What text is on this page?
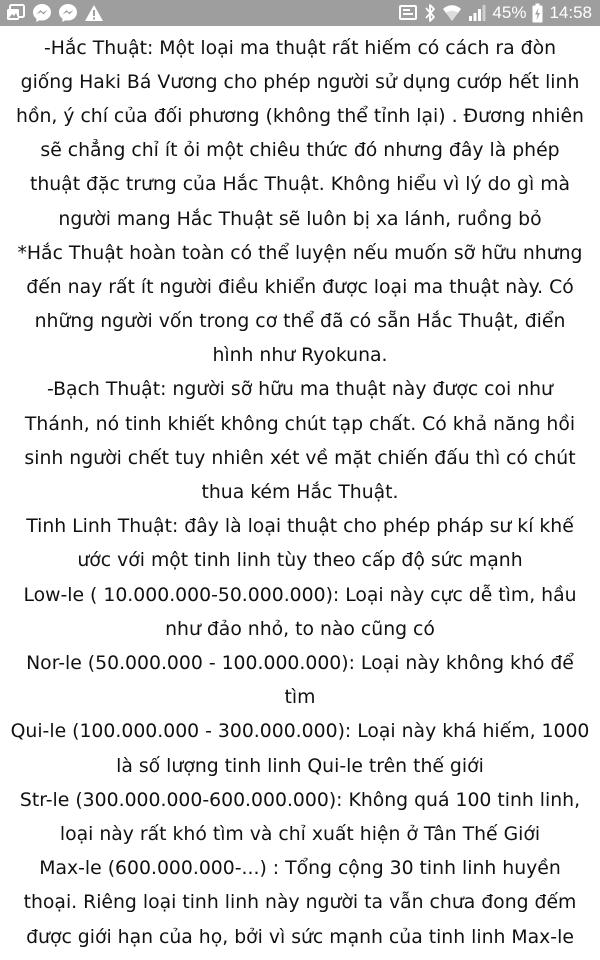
45% 14:58
-Hắc Thuật: Một loại ma thuật rất hiếm có cách ra đòn
giống Haki Bá Vương cho phép người sử dụng cướp hết linh
hồn, ý chí của đối phương (không thể tỉnh lại) . Đương nhiên
sẽ chẳng chỉ ít ỏi một chiêu thức đó nhưng đây là phép
thuật đặc trưng của Hắc Thuật. Không hiểu vì lý do gì mà
người mang Hắc Thuật sẽ luôn bị xa lánh, ruồng bỏ
*Hắc Thuật hoàn toàn có thể luyện nếu muốn sỡ hữu nhưng
đến nay rất ít người điều khiển được loại ma thuật này. Có
những người vốn trong cơ thể đã có sẵn Hắc Thuật, điển
hình như Ryokuna.
-Bạch Thuật: người sỡ hữu ma thuật này được coi như
Thánh, nó tinh khiết không chút tạp chất. Có khả năng hồi
sinh người chết tuy nhiên xét về mặt chiến đấu thì có chút
thua kém Hắc Thuật.
Tinh Linh Thuật: đây là loại thuật cho phép pháp sư kí khế
ước với một tinh linh tùy theo cấp độ sức mạnh
Low-le ( 10.000.000-50.000.000): Loại này cực dễ tìm, hầu
như đảo nhỏ, to nào cũng có
Nor-le (50.000.000 - 100.000.000): Loại này không khó để
tìm
Qui-le (100.000.000 - 300.000.000): Loại này khá hiếm, 1000
là số lượng tinh linh Qui-le trên thế giới
Str-le (300.000.000-600.000.000): Không quá 100 tinh linh,
loại này rất khó tìm và chỉ xuất hiện ở Tân Thế Giới
Max-le (600.000.000-...) : Tổng cộng 30 tinh linh huyền
thoại. Riêng loại tinh linh này người ta vẫn chưa đong đếm
được giới hạn của họ, bởi vì sức mạnh của tinh linh Max-le
